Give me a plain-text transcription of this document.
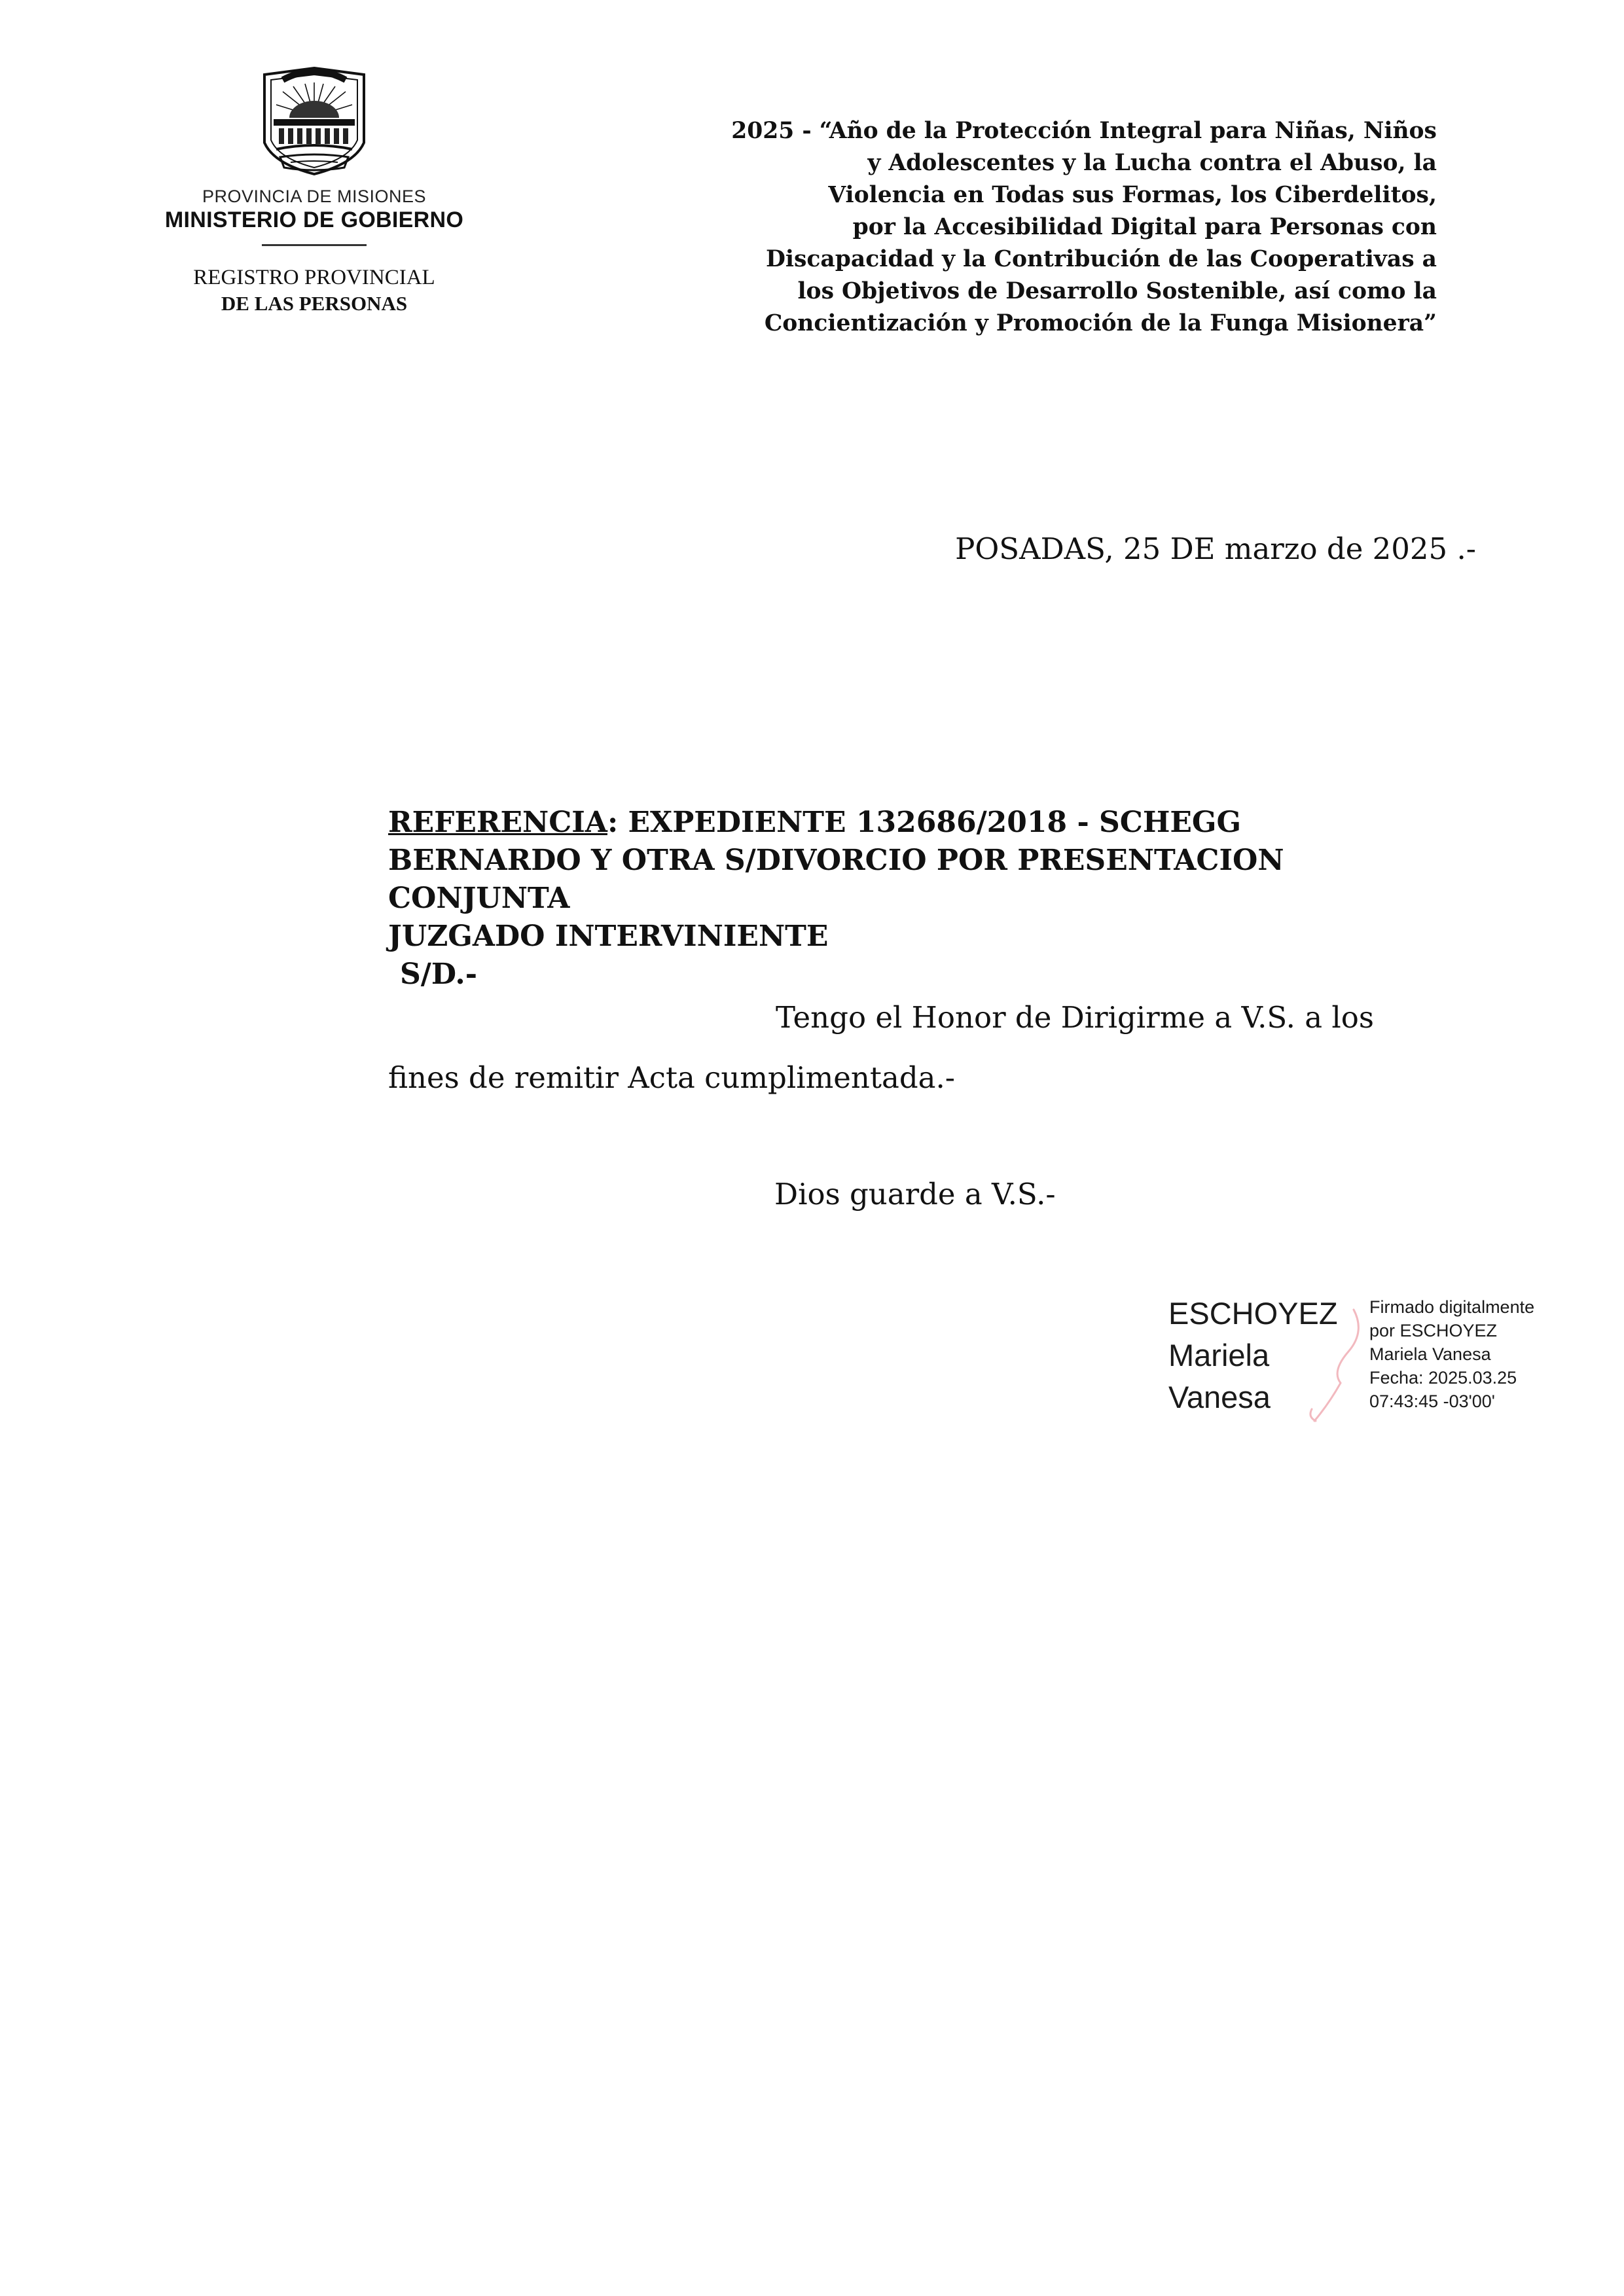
PROVINCIA DE MISIONES
MINISTERIO DE GOBIERNO
REGISTRO PROVINCIAL
DE LAS PERSONAS
2025 - “Año de la Protección Integral para Niñas, Niños
y Adolescentes y la Lucha contra el Abuso, la
Violencia en Todas sus Formas, los Ciberdelitos,
por la Accesibilidad Digital para Personas con
Discapacidad y la Contribución de las Cooperativas a
los Objetivos de Desarrollo Sostenible, así como la
Concientización y Promoción de la Funga Misionera”
POSADAS, 25 DE marzo de 2025 .-
REFERENCIA: EXPEDIENTE 132686/2018 - SCHEGG
BERNARDO Y OTRA S/DIVORCIO POR PRESENTACION
CONJUNTA
JUZGADO INTERVINIENTE
S/D.-
Tengo el Honor de Dirigirme a V.S. a los
fines de remitir Acta cumplimentada.-
Dios guarde a V.S.-
ESCHOYEZ
Mariela
Vanesa
Firmado digitalmente
por ESCHOYEZ
Mariela Vanesa
Fecha: 2025.03.25
07:43:45 -03'00'
